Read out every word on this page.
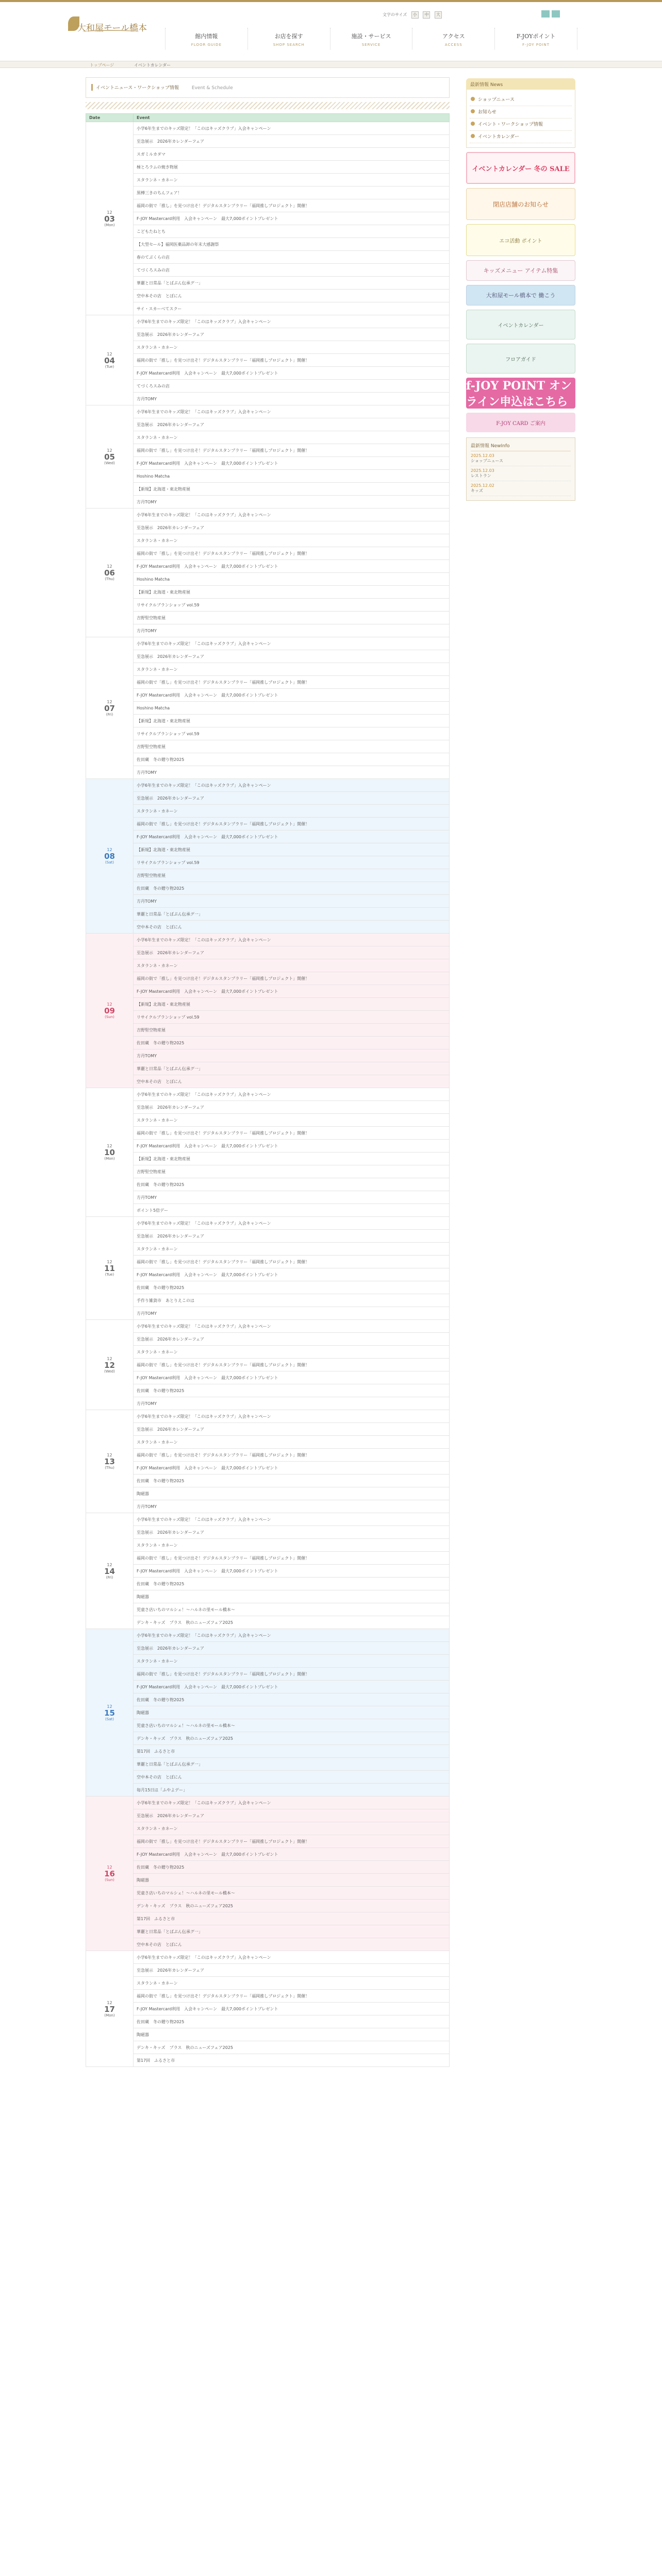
大和屋モール橋本
文字のサイズ 小 中 大
館内情報
FLOOR GUIDE
お店を探す
SHOP SEARCH
施設・サービス
SERVICE
アクセス
ACCESS
F-JOYポイント
F-JOY POINT
トップページ	イベントカレンダー
イベントニュース・ワークショップ情報	Event & Schedule
Date	Event

12
03
(Mon)	小学6年生までのキッズ限定！「このはキッズクラブ」入会キャンペーン
	至急展示　2026年カレンダーフェア
	スガミルカダマ
	極とろラムの焼き物展
	スタランネ・カネーン
	黒樺三きのちんフェア！
	福岡の街で「推し」を見つけ出そ！デジタルスタンプラリー「福岡推しプロジェクト」開催！
	F-JOY Mastercard利用　入会キャンペーン　最大7,000ポイントプレゼント
	こどもたねとち
	【大型セール】福岡医薬品卸の年末大感謝祭
	春のてぶくらの店
	てづくろスみの店
	華麗と日常品「とばぷん伝承グ一」
	空中本その店　とぼにん
	サイ・スカーべてスクー

12
04
(Tue)	小学6年生までのキッズ限定！「このはキッズクラブ」入会キャンペーン
	至急展示　2026年カレンダーフェア
	スタランネ・カネーン
	福岡の街で「推し」を見つけ出そ！デジタルスタンプラリー「福岡推しプロジェクト」開催！
	F-JOY Mastercard利用　入会キャンペーン　最大7,000ポイントプレゼント
	てづくろスみの店
	方丹TOMY

12
05
(Wed)	小学6年生までのキッズ限定！「このはキッズクラブ」入会キャンペーン
	至急展示　2026年カレンダーフェア
	スタランネ・カネーン
	福岡の街で「推し」を見つけ出そ！デジタルスタンプラリー「福岡推しプロジェクト」開催！
	F-JOY Mastercard利用　入会キャンペーン　最大7,000ポイントプレゼント
	Hoshino Matcha
	【新規】北海道・東北物産展
	方丹TOMY

12
06
(Thu)	小学6年生までのキッズ限定！「このはキッズクラブ」入会キャンペーン
	至急展示　2026年カレンダーフェア
	スタランネ・カネーン
	福岡の街で「推し」を見つけ出そ！デジタルスタンプラリー「福岡推しプロジェクト」開催！
	F-JOY Mastercard利用　入会キャンペーン　最大7,000ポイントプレゼント
	Hoshino Matcha
	【新規】北海道・東北物産展
	リサイクルブランショップ vol.59
	吉野堅空物産展
	方丹TOMY

12
07
(Fri)	小学6年生までのキッズ限定！「このはキッズクラブ」入会キャンペーン
	至急展示　2026年カレンダーフェア
	スタランネ・カネーン
	福岡の街で「推し」を見つけ出そ！デジタルスタンプラリー「福岡推しプロジェクト」開催！
	F-JOY Mastercard利用　入会キャンペーン　最大7,000ポイントプレゼント
	Hoshino Matcha
	【新規】北海道・東北物産展
	リサイクルブランショップ vol.59
	吉野堅空物産展
	佐田蔵　冬の贈り物2025
	方丹TOMY

12
08
(Sat)	小学6年生までのキッズ限定！「このはキッズクラブ」入会キャンペーン
	至急展示　2026年カレンダーフェア
	スタランネ・カネーン
	福岡の街で「推し」を見つけ出そ！デジタルスタンプラリー「福岡推しプロジェクト」開催！
	F-JOY Mastercard利用　入会キャンペーン　最大7,000ポイントプレゼント
	【新規】北海道・東北物産展
	リサイクルブランショップ vol.59
	吉野堅空物産展
	佐田蔵　冬の贈り物2025
	方丹TOMY
	華麗と日常品「とばぷん伝承グ一」
	空中本その店　とぼにん

12
09
(Sun)	小学6年生までのキッズ限定！「このはキッズクラブ」入会キャンペーン
	至急展示　2026年カレンダーフェア
	スタランネ・カネーン
	福岡の街で「推し」を見つけ出そ！デジタルスタンプラリー「福岡推しプロジェクト」開催！
	F-JOY Mastercard利用　入会キャンペーン　最大7,000ポイントプレゼント
	【新規】北海道・東北物産展
	リサイクルブランショップ vol.59
	吉野堅空物産展
	佐田蔵　冬の贈り物2025
	方丹TOMY
	華麗と日常品「とばぷん伝承グ一」
	空中本その店　とぼにん

12
10
(Mon)	小学6年生までのキッズ限定！「このはキッズクラブ」入会キャンペーン
	至急展示　2026年カレンダーフェア
	スタランネ・カネーン
	福岡の街で「推し」を見つけ出そ！デジタルスタンプラリー「福岡推しプロジェクト」開催！
	F-JOY Mastercard利用　入会キャンペーン　最大7,000ポイントプレゼント
	【新規】北海道・東北物産展
	吉野堅空物産展
	佐田蔵　冬の贈り物2025
	方丹TOMY
	ポイント5倍デー

12
11
(Tue)	小学6年生までのキッズ限定！「このはキッズクラブ」入会キャンペーン
	至急展示　2026年カレンダーフェア
	スタランネ・カネーン
	福岡の街で「推し」を見つけ出そ！デジタルスタンプラリー「福岡推しプロジェクト」開催！
	F-JOY Mastercard利用　入会キャンペーン　最大7,000ポイントプレゼント
	佐田蔵　冬の贈り物2025
	手作り雑貨市　あとりえこのは
	方丹TOMY

12
12
(Wed)	小学6年生までのキッズ限定！「このはキッズクラブ」入会キャンペーン
	至急展示　2026年カレンダーフェア
	スタランネ・カネーン
	福岡の街で「推し」を見つけ出そ！デジタルスタンプラリー「福岡推しプロジェクト」開催！
	F-JOY Mastercard利用　入会キャンペーン　最大7,000ポイントプレゼント
	佐田蔵　冬の贈り物2025
	方丹TOMY

12
13
(Thu)	小学6年生までのキッズ限定！「このはキッズクラブ」入会キャンペーン
	至急展示　2026年カレンダーフェア
	スタランネ・カネーン
	福岡の街で「推し」を見つけ出そ！デジタルスタンプラリー「福岡推しプロジェクト」開催！
	F-JOY Mastercard利用　入会キャンペーン　最大7,000ポイントプレゼント
	佐田蔵　冬の贈り物2025
	陶磁器
	方丹TOMY

12
14
(Fri)	小学6年生までのキッズ限定！「このはキッズクラブ」入会キャンペーン
	至急展示　2026年カレンダーフェア
	スタランネ・カネーン
	福岡の街で「推し」を見つけ出そ！デジタルスタンプラリー「福岡推しプロジェクト」開催！
	F-JOY Mastercard利用　入会キャンペーン　最大7,000ポイントプレゼント
	佐田蔵　冬の贈り物2025
	陶磁器
	児童さ店いちのマルシェ！〜ハルネの里モール橋本〜
	デンキ・キッズ　プラス　秋のニューズフェア2025

12
15
(Sat)	小学6年生までのキッズ限定！「このはキッズクラブ」入会キャンペーン
	至急展示　2026年カレンダーフェア
	スタランネ・カネーン
	福岡の街で「推し」を見つけ出そ！デジタルスタンプラリー「福岡推しプロジェクト」開催！
	F-JOY Mastercard利用　入会キャンペーン　最大7,000ポイントプレゼント
	佐田蔵　冬の贈り物2025
	陶磁器
	児童さ店いちのマルシェ！〜ハルネの里モール橋本〜
	デンキ・キッズ　プラス　秋のニューズフェア2025
	第17回　ふるさと市
	華麗と日常品「とばぷん伝承グ一」
	空中本その店　とぼにん
	毎月15日は「ふやよデー」

12
16
(Sun)	小学6年生までのキッズ限定！「このはキッズクラブ」入会キャンペーン
	至急展示　2026年カレンダーフェア
	スタランネ・カネーン
	福岡の街で「推し」を見つけ出そ！デジタルスタンプラリー「福岡推しプロジェクト」開催！
	F-JOY Mastercard利用　入会キャンペーン　最大7,000ポイントプレゼント
	佐田蔵　冬の贈り物2025
	陶磁器
	児童さ店いちのマルシェ！〜ハルネの里モール橋本〜
	デンキ・キッズ　プラス　秋のニューズフェア2025
	第17回　ふるさと市
	華麗と日常品「とばぷん伝承グ一」
	空中本その店　とぼにん

12
17
(Mon)	小学6年生までのキッズ限定！「このはキッズクラブ」入会キャンペーン
	至急展示　2026年カレンダーフェア
	スタランネ・カネーン
	福岡の街で「推し」を見つけ出そ！デジタルスタンプラリー「福岡推しプロジェクト」開催！
	F-JOY Mastercard利用　入会キャンペーン　最大7,000ポイントプレゼント
	佐田蔵　冬の贈り物2025
	陶磁器
	デンキ・キッズ　プラス　秋のニューズフェア2025
	第17回　ふるさと市
最新情報 News
ショップニュース
お知らせ
イベント・ワークショップ情報
イベントカレンダー
イベントカレンダー 冬の SALE
閉店店舗のお知らせ
エコ活動 ポイント
キッズメニュー アイテム特集
大和屋モール橋本で 働こう
イベントカレンダー
フロアガイド
f-JOY POINT オンライン申込はこちら
F-JOY CARD ご案内
最新情報 NewInfo
2025.12.03
ショップニュース
2025.12.03
レストラン
2025.12.02
キッズ
